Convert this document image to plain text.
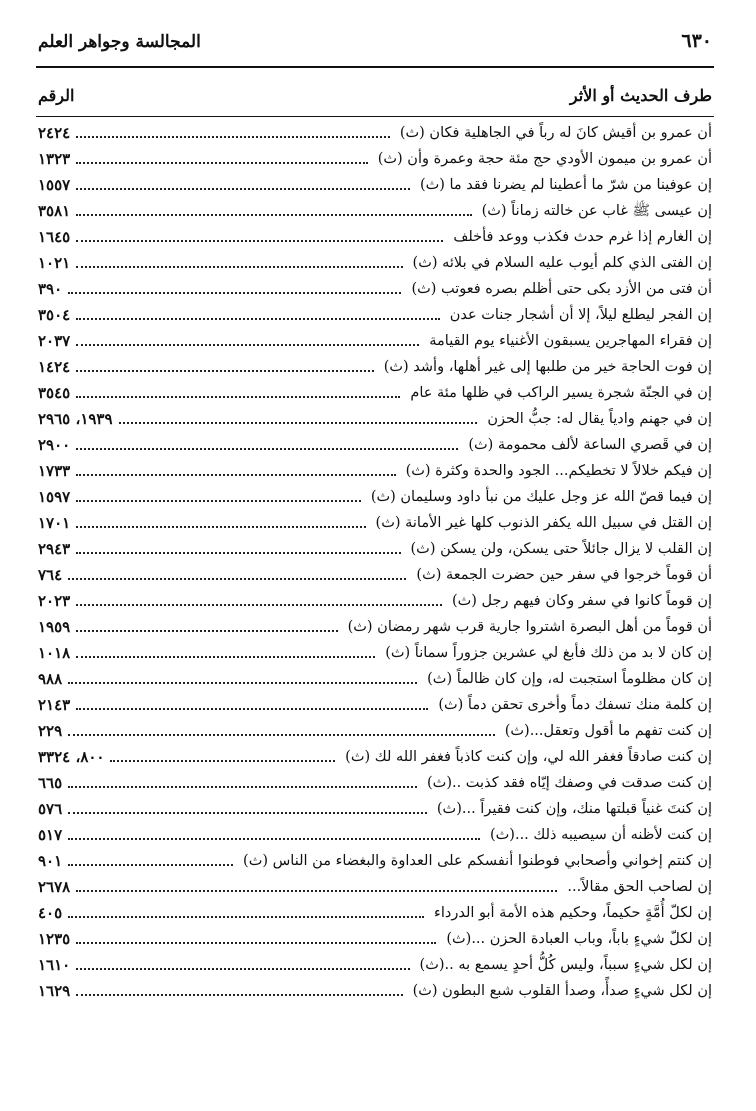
٦٣٠
المجالسة وجواهر العلم
طرف الحديث أو الأثر
الرقم
أن عمرو بن أقيش كانَ له رباً في الجاهلية فكان (ث)
٢٤٢٤
أن عمرو بن ميمون الأودي حج مئة حجة وعمرة وأن (ث)
١٣٢٣
إن عوفينا من شرّ ما أعطينا لم يضرنا فقد ما (ث)
١٥٥٧
إن عيسى ﷺ غاب عن خالته زماناً (ث)
٣٥٨١
إن الغارم إذا غرم حدث فكذب ووعد فأخلف
١٦٤٥
إن الفتى الذي كلم أيوب عليه السلام في بلائه (ث)
١٠٢١
أن فتى من الأزد بكى حتى أظلم بصره فعوتب (ث)
٣٩٠
إن الفجر ليطلع ليلاً، إلا أن أشجار جنات عدن
٣٥٠٤
إن فقراء المهاجرين يسبقون الأغنياء يوم القيامة
٢٠٣٧
إن فوت الحاجة خير من طلبها إلى غير أهلها، وأشد (ث)
١٤٢٤
إن في الجنّة شجرة يسير الراكب في ظلها مئة عام
٣٥٤٥
إن في جهنم وادياً يقال له: جبُّ الحزن
١٩٣٩، ٢٩٦٥
إن في قَصري الساعة لألف محمومة (ث)
٢٩٠٠
إن فيكم خلالاً لا تخطيكم... الجود والحدة وكثرة (ث)
١٧٣٣
إن فيما قصّ الله عز وجل عليك من نبأ داود وسليمان (ث)
١٥٩٧
إن القتل في سبيل الله يكفر الذنوب كلها غير الأمانة (ث)
١٧٠١
إن القلب لا يزال جائلاً حتى يسكن، ولن يسكن (ث)
٢٩٤٣
أن قوماً خرجوا في سفر حين حضرت الجمعة (ث)
٧٦٤
إن قوماً كانوا في سفر وكان فيهم رجل (ث)
٢٠٢٣
أن قوماً من أهل البصرة اشتروا جارية قرب شهر رمضان (ث)
١٩٥٩
إن كان لا بد من ذلك فأبغ لي عشرين جزوراً سماناً (ث)
١٠١٨
إن كان مظلوماً استجبت له، وإن كان ظالماً (ث)
٩٨٨
إن كلمة منك تسفك دماً وأخرى تحقن دماً (ث)
٢١٤٣
إن كنت تفهم ما أقول وتعقل...(ث)
٢٢٩
إن كنت صادقاً فغفر الله لي، وإن كنت كاذباً فغفر الله لك (ث)
٨٠٠، ٣٣٢٤
إن كنت صدقت في وصفك إيّاه فقد كذبت ..(ث)
٦٦٥
إن كنتَ غنياً قبلتها منك، وإن كنت فقيراً ...(ث)
٥٧٦
إن كنت لأظنه أن سيصيبه ذلك ...(ث)
٥١٧
إن كنتم إخواني وأصحابي فوطنوا أنفسكم على العداوة والبغضاء من الناس (ث)
٩٠١
إن لصاحب الحق مقالاً...
٢٦٧٨
إن لكلّ أُمَّةٍ حكيماً، وحكيم هذه الأمة أبو الدرداء
٤٠٥
إن لكلّ شيءٍ باباً، وباب العبادة الحزن ...(ث)
١٢٣٥
إن لكل شيءٍ سبباً، وليس كُلُّ أحدٍ يسمع به ..(ث)
١٦١٠
إن لكل شيءٍ صدأً، وصدأ القلوب شبع البطون (ث)
١٦٢٩
